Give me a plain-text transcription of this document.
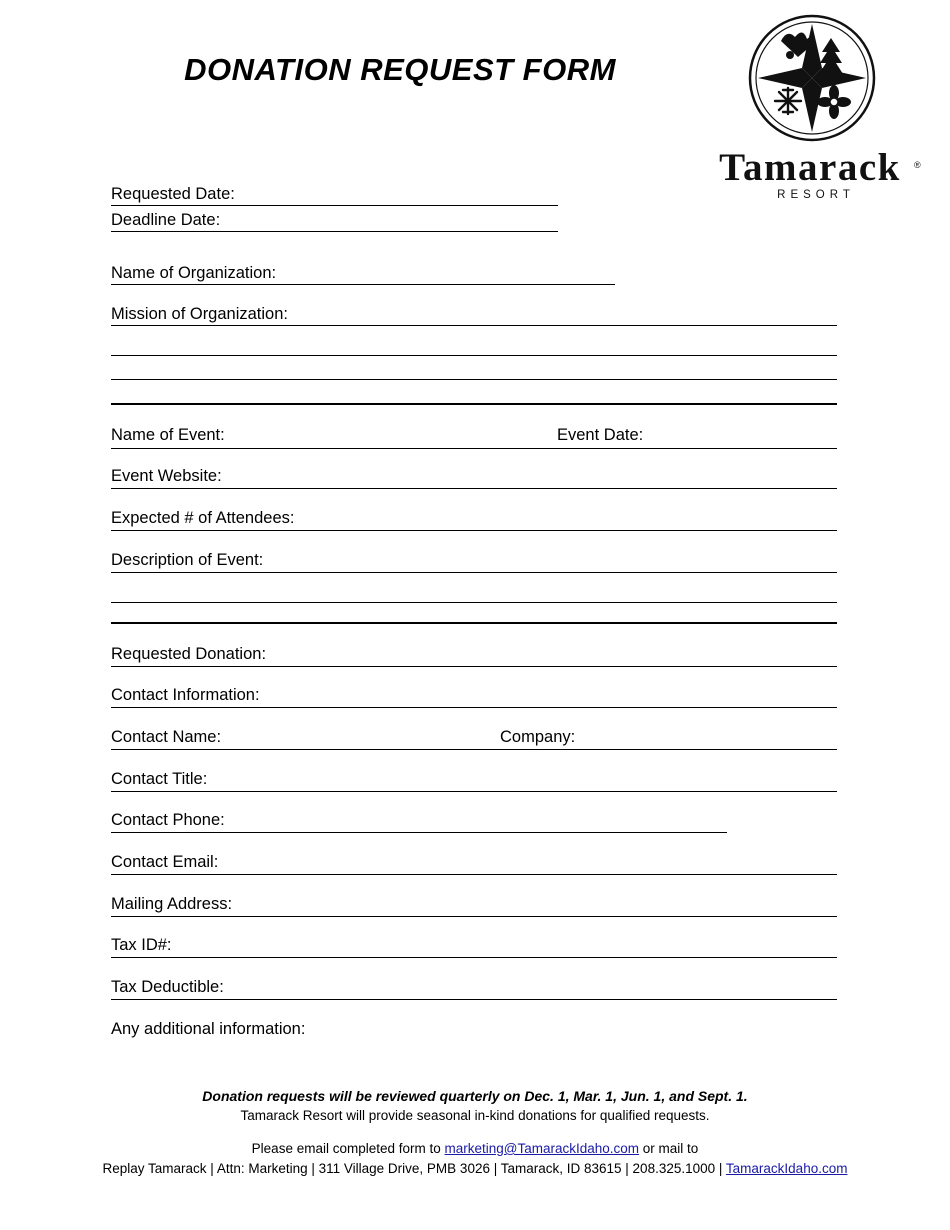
DONATION REQUEST FORM
Tamarack
RESORT
®
Requested Date:
Deadline Date:
Name of Organization:
Mission of Organization:
Name of Event:	Event Date:
Event Website:
Expected # of Attendees:
Description of Event:
Requested Donation:
Contact Information:
Contact Name:	Company:
Contact Title:
Contact Phone:
Contact Email:
Mailing Address:
Tax ID#:
Tax Deductible:
Any additional information:
Donation requests will be reviewed quarterly on Dec. 1, Mar. 1, Jun. 1, and Sept. 1.
Tamarack Resort will provide seasonal in-kind donations for qualified requests.
Please email completed form to marketing@TamarackIdaho.com or mail to
Replay Tamarack | Attn: Marketing | 311 Village Drive, PMB 3026 | Tamarack, ID 83615 | 208.325.1000 | TamarackIdaho.com
